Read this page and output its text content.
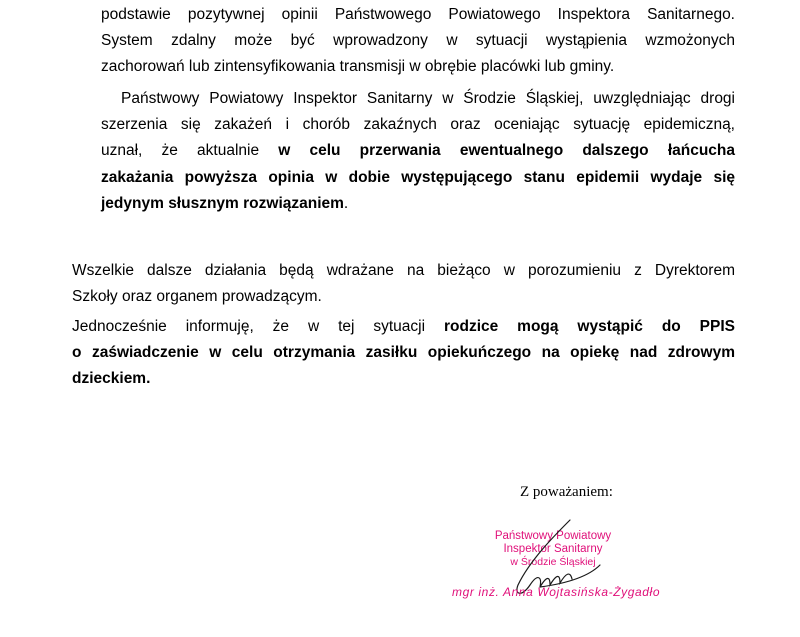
podstawie pozytywnej opinii Państwowego Powiatowego Inspektora Sanitarnego.
System zdalny może być wprowadzony w sytuacji wystąpienia wzmożonych
zachorowań lub zintensyfikowania transmisji w obrębie placówki lub gminy.
Państwowy Powiatowy Inspektor Sanitarny w Środzie Śląskiej, uwzględniając drogi
szerzenia się zakażeń i chorób zakaźnych oraz oceniając sytuację epidemiczną,
uznał, że aktualnie w celu przerwania ewentualnego dalszego łańcucha
zakażania powyższa opinia w dobie występującego stanu epidemii wydaje się
jedynym słusznym rozwiązaniem.
Wszelkie dalsze działania będą wdrażane na bieżąco w porozumieniu z Dyrektorem
Szkoły oraz organem prowadzącym.
Jednocześnie informuję, że w tej sytuacji rodzice mogą wystąpić do PPIS
o zaświadczenie w celu otrzymania zasiłku opiekuńczego na opiekę nad zdrowym
dzieckiem.
Z poważaniem:
Państwowy Powiatowy
Inspektor Sanitarny
w Środzie Śląskiej
mgr inż. Anna Wojtasińska-Żygadło
